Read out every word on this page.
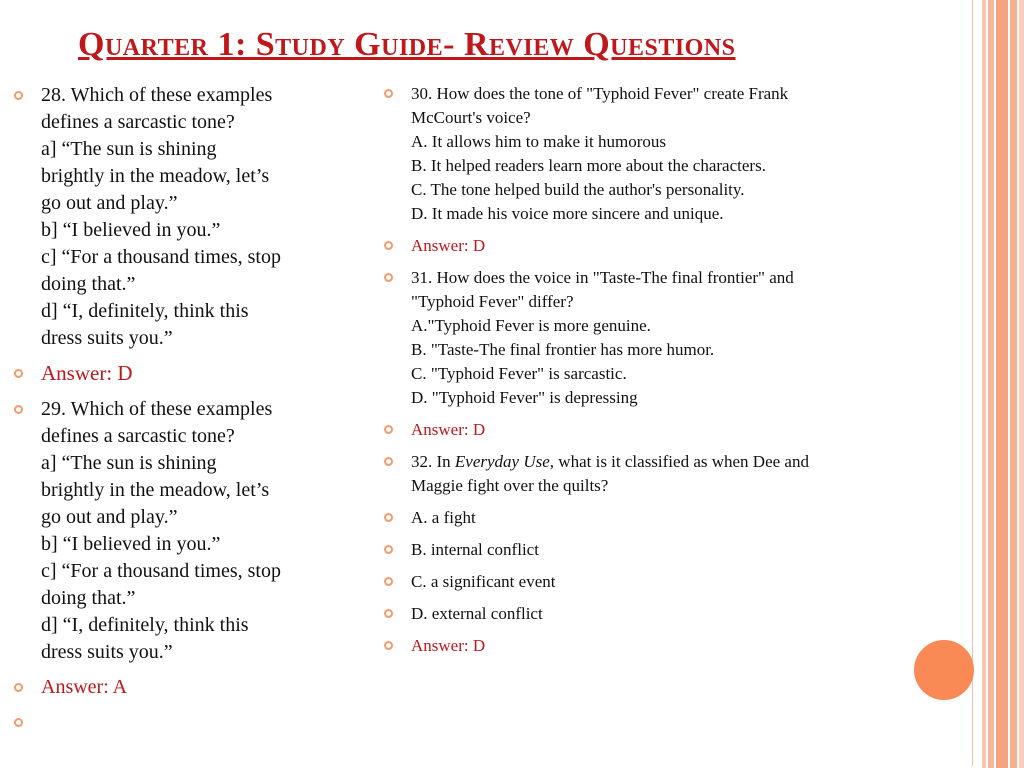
Quarter 1: Study Guide- Review Questions
28. Which of these examples
defines a sarcastic tone?
a] “The sun is shining
brightly in the meadow, let’s
go out and play.”
b] “I believed in you.”
c] “For a thousand times, stop
doing that.”
d] “I, definitely, think this
dress suits you.”
Answer: D
29. Which of these examples
defines a sarcastic tone?
a] “The sun is shining
brightly in the meadow, let’s
go out and play.”
b] “I believed in you.”
c] “For a thousand times, stop
doing that.”
d] “I, definitely, think this
dress suits you.”
Answer: A
30. How does the tone of "Typhoid Fever" create Frank
McCourt's voice?
A. It allows him to make it humorous
B. It helped readers learn more about the characters.
C. The tone helped build the author's personality.
D. It made his voice more sincere and unique.
Answer: D
31. How does the voice in "Taste-The final frontier" and
"Typhoid Fever" differ?
A."Typhoid Fever is more genuine.
B. "Taste-The final frontier has more humor.
C. "Typhoid Fever" is sarcastic.
D. "Typhoid Fever" is depressing
Answer: D
32. In Everyday Use, what is it classified as when Dee and
Maggie fight over the quilts?
A. a fight
B. internal conflict
C. a significant event
D. external conflict
Answer: D
